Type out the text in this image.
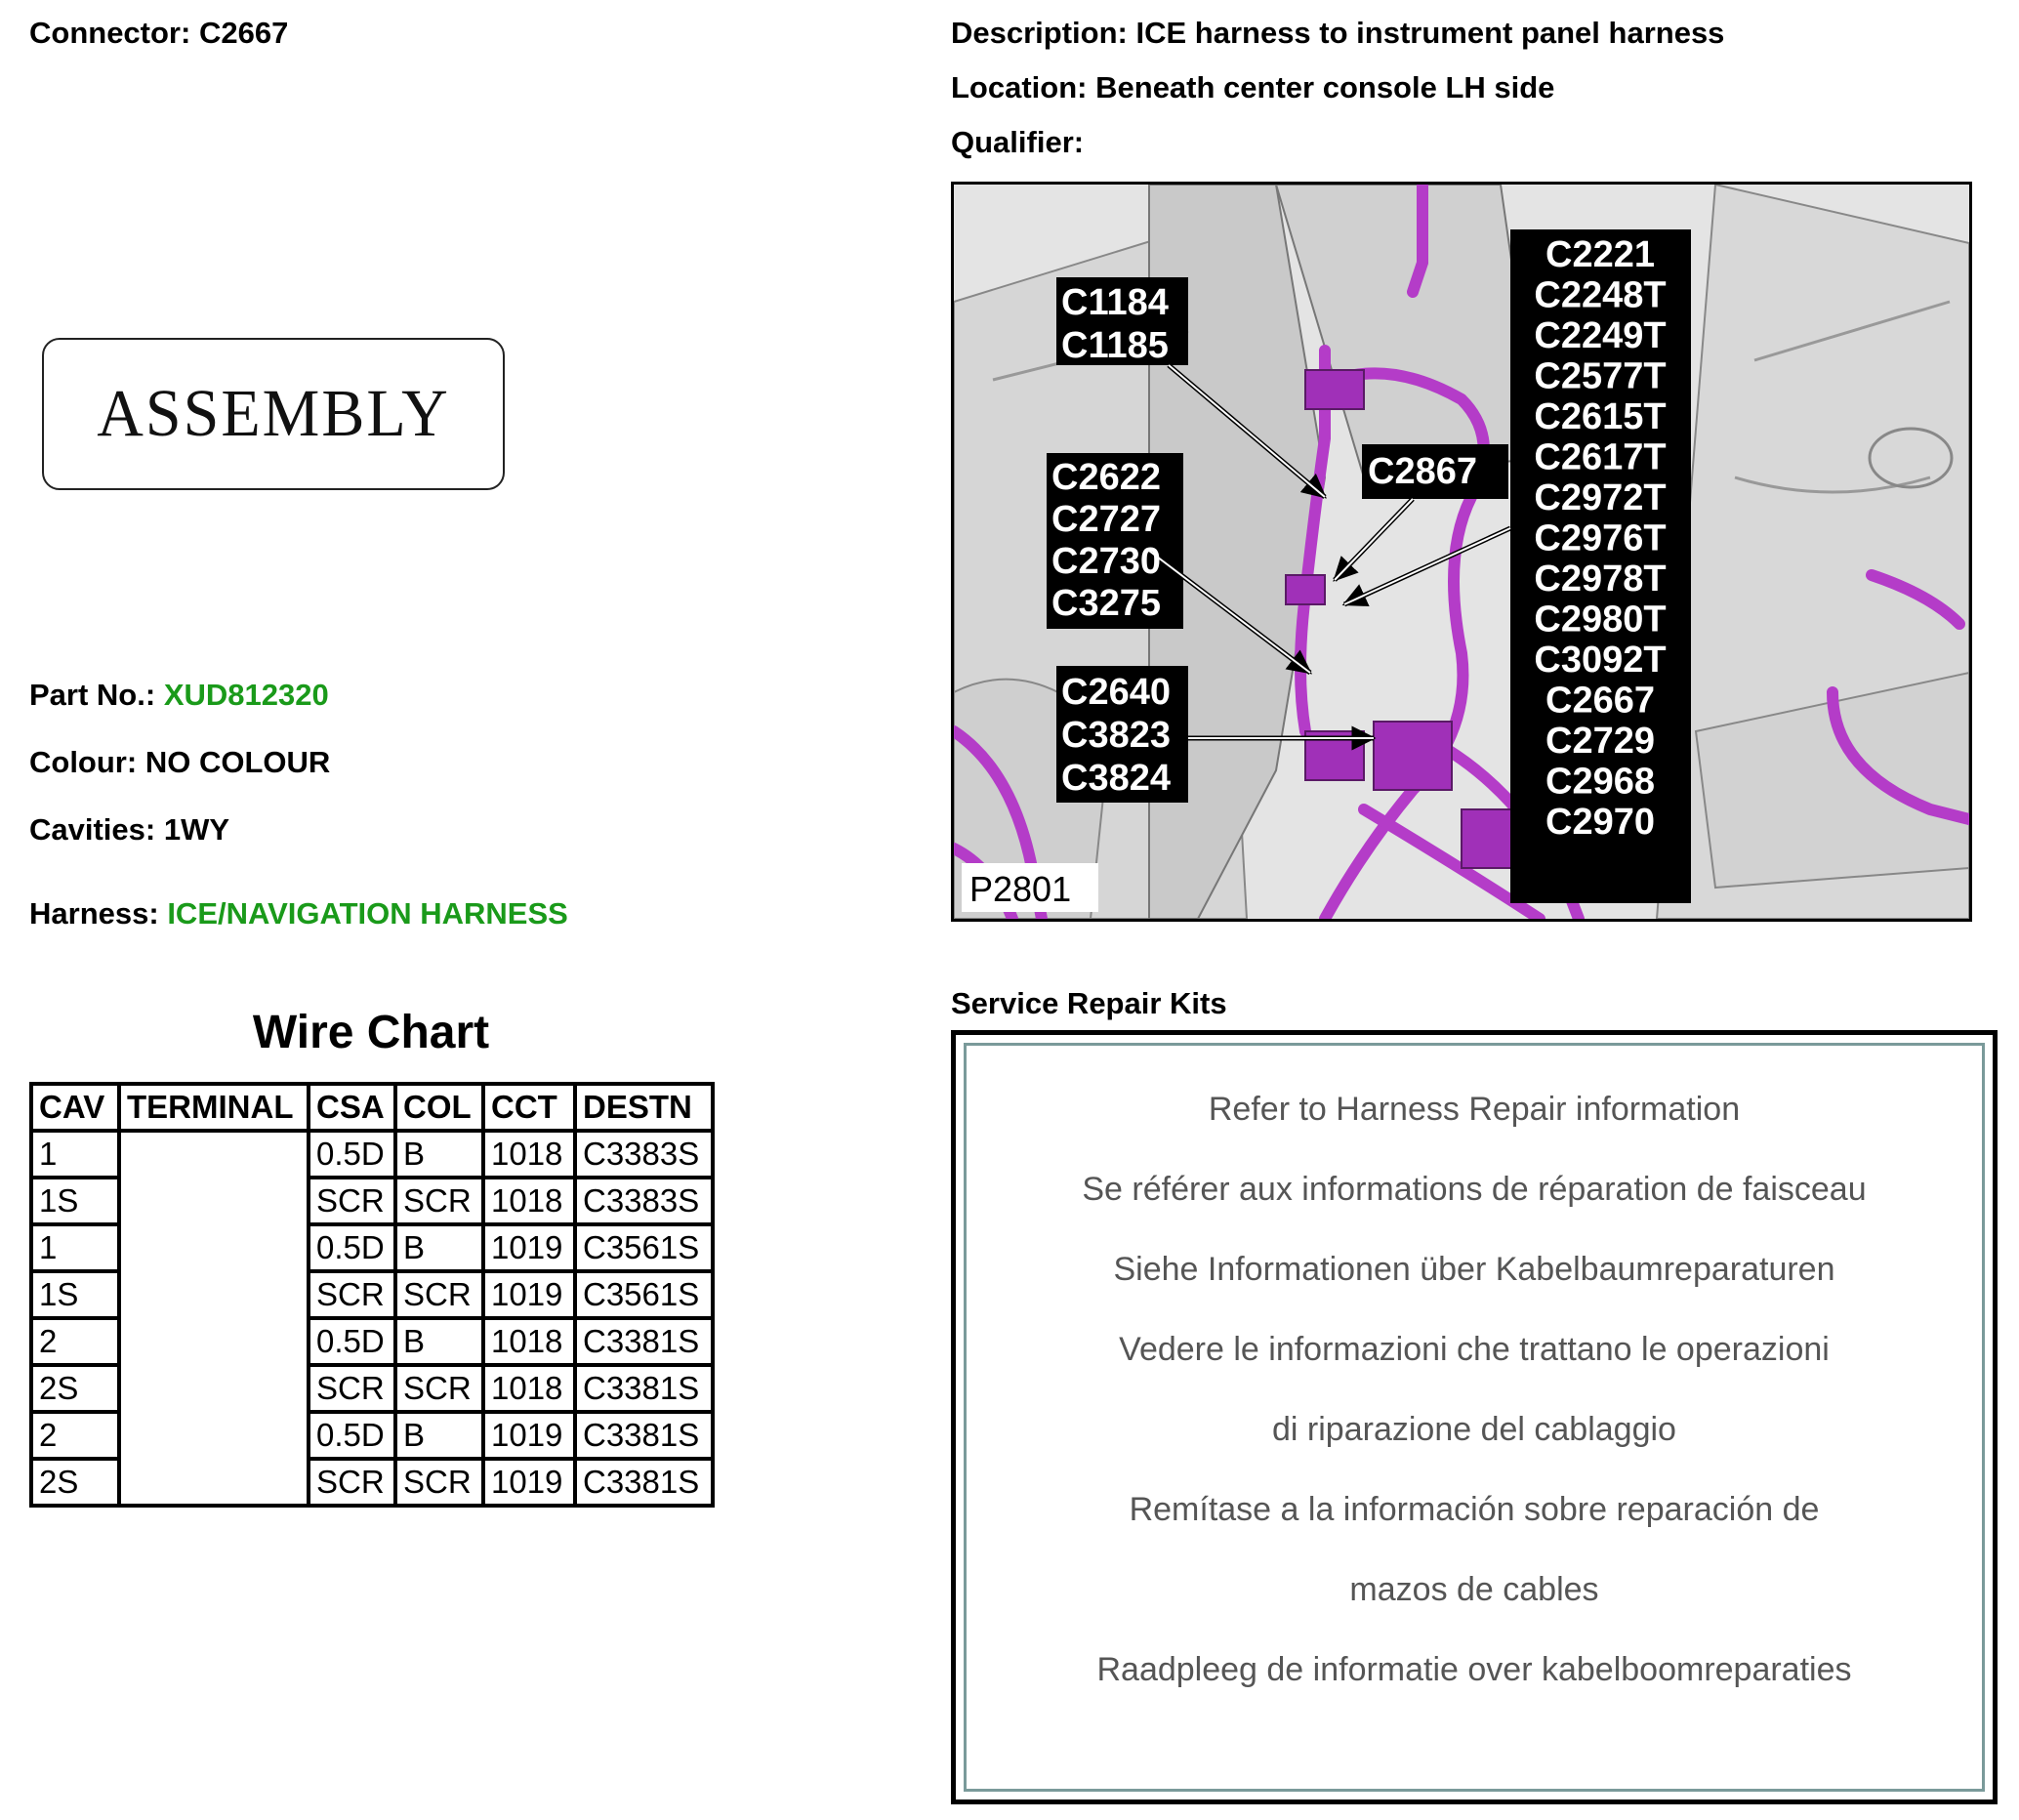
Connector: C2667	Description: ICE harness to instrument panel harness
Location: Beneath center console LH side
Qualifier:
ASSEMBLY
Part No.: XUD812320
Colour: NO COLOUR
Cavities: 1WY
Harness: ICE/NAVIGATION HARNESS
Wire Chart
CAV	TERMINAL	CSA	COL	CCT	DESTN
1		0.5D	B	1018	C3383S
1S		SCR	SCR	1018	C3383S
1		0.5D	B	1019	C3561S
1S		SCR	SCR	1019	C3561S
2		0.5D	B	1018	C3381S
2S		SCR	SCR	1018	C3381S
2		0.5D	B	1019	C3381S
2S		SCR	SCR	1019	C3381S
C1184
C1185
C2622
C2727
C2730
C3275
C2867
C2640
C3823
C3824
C2221
C2248T
C2249T
C2577T
C2615T
C2617T
C2972T
C2976T
C2978T
C2980T
C3092T
C2667
C2729
C2968
C2970
P2801
Service Repair Kits
Refer to Harness Repair information
Se référer aux informations de réparation de faisceau
Siehe Informationen über Kabelbaumreparaturen
Vedere le informazioni che trattano le operazioni
di riparazione del cablaggio
Remítase a la información sobre reparación de
mazos de cables
Raadpleeg de informatie over kabelboomreparaties
